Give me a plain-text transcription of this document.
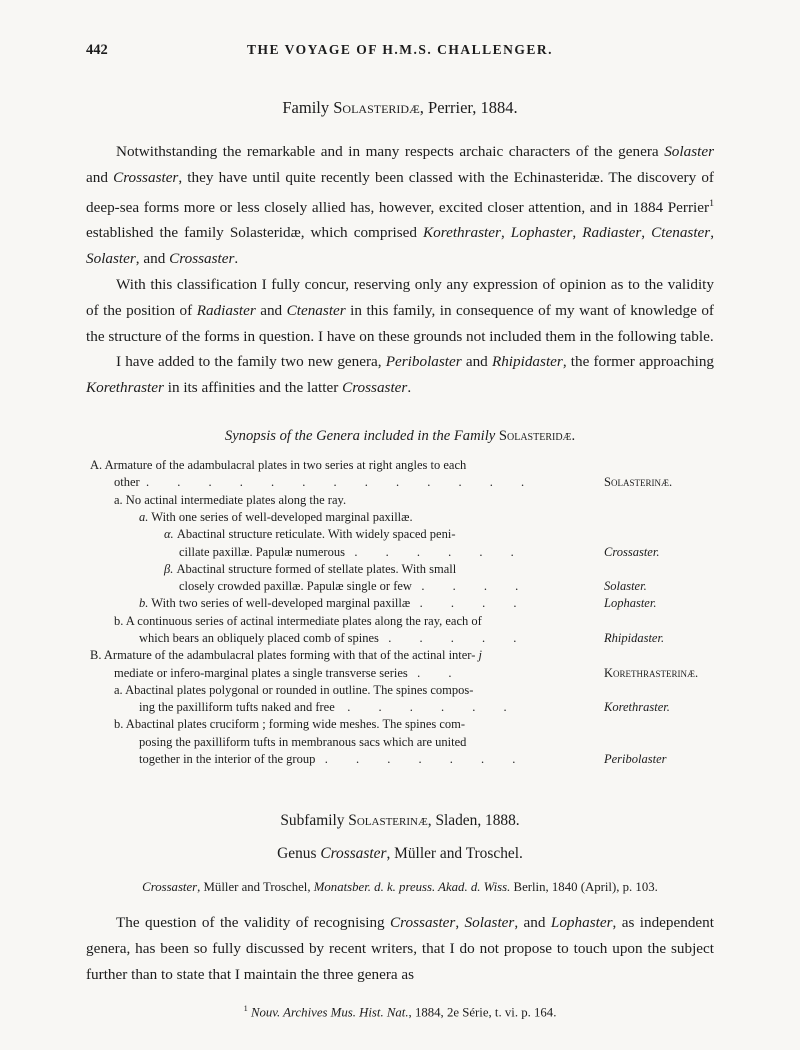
442	THE VOYAGE OF H.M.S. CHALLENGER.
Family Solasteridæ, Perrier, 1884.

Notwithstanding the remarkable and in many respects archaic characters of the genera Solaster and Crossaster, they have until quite recently been classed with the Echinasteridæ. The discovery of deep-sea forms more or less closely allied has, however, excited closer attention, and in 1884 Perrier$^1$ established the family Solasteridæ, which comprised Korethraster, Lophaster, Radiaster, Ctenaster, Solaster, and Crossaster.

With this classification I fully concur, reserving only any expression of opinion as to the validity of the position of Radiaster and Ctenaster in this family, in consequence of my want of knowledge of the structure of the forms in question. I have on these grounds not included them in the following table.

I have added to the family two new genera, Peribolaster and Rhipidaster, the former approaching Korethraster in its affinities and the latter Crossaster.

Synopsis of the Genera included in the Family Solasteridæ.
A. Armature of the adambulacral plates in two series at right angles to each
other  .         .         .         .         .         .         .         .         .         .         .         .         .	Solasterinæ.
a. No actinal intermediate plates along the ray.
a. With one series of well-developed marginal paxillæ.
α. Abactinal structure reticulate. With widely spaced peni-
cillate paxillæ. Papulæ numerous   .         .         .         .         .         .	Crossaster.
β. Abactinal structure formed of stellate plates. With small
closely crowded paxillæ. Papulæ single or few   .         .         .         .	Solaster.
b. With two series of well-developed marginal paxillæ   .         .         .         .	Lophaster.
b. A continuous series of actinal intermediate plates along the ray, each of
which bears an obliquely placed comb of spines   .         .         .         .         .	Rhipidaster.
B. Armature of the adambulacral plates forming with that of the actinal inter- j
mediate or infero-marginal plates a single transverse series   .         .	Korethrasterinæ.
a. Abactinal plates polygonal or rounded in outline. The spines compos-
ing the paxilliform tufts naked and free    .         .         .         .         .         .	Korethraster.
b. Abactinal plates cruciform ; forming wide meshes. The spines com-
posing the paxilliform tufts in membranous sacs which are united
together in the interior of the group   .         .         .         .         .         .         .	Peribolaster
Subfamily Solasterinæ, Sladen, 1888.
Genus Crossaster, Müller and Troschel.

Crossaster, Müller and Troschel, Monatsber. d. k. preuss. Akad. d. Wiss. Berlin, 1840 (April), p. 103.

The question of the validity of recognising Crossaster, Solaster, and Lophaster, as independent genera, has been so fully discussed by recent writers, that I do not propose to touch upon the subject further than to state that I maintain the three genera as

$^1$ Nouv. Archives Mus. Hist. Nat., 1884, 2e Série, t. vi. p. 164.
